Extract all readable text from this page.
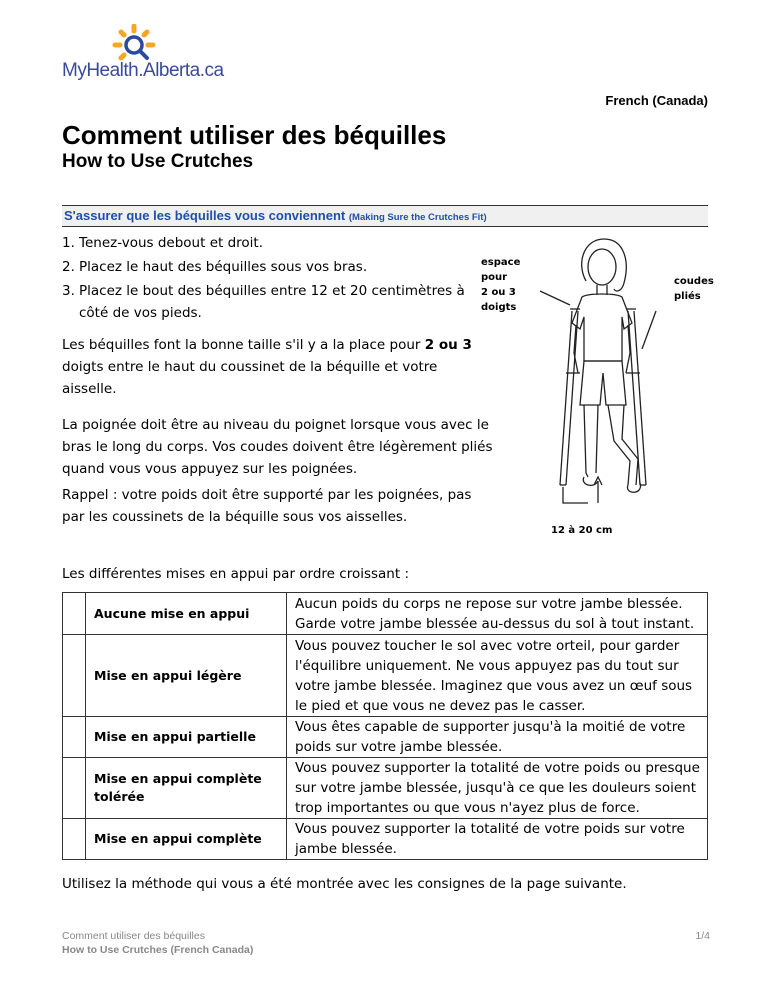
MyHealth.Alberta.ca
French (Canada)
Comment utiliser des béquilles
How to Use Crutches
S'assurer que les béquilles vous conviennent (Making Sure the Crutches Fit)
1. Tenez-vous debout et droit.
2. Placez le haut des béquilles sous vos bras.
3. Placez le bout des béquilles entre 12 et 20 centimètres à
côté de vos pieds.
Les béquilles font la bonne taille s'il y a la place pour 2 ou 3
doigts entre le haut du coussinet de la béquille et votre
aisselle.
La poignée doit être au niveau du poignet lorsque vous avec le
bras le long du corps. Vos coudes doivent être légèrement pliés
quand vous vous appuyez sur les poignées.
Rappel : votre poids doit être supporté par les poignées, pas
par les coussinets de la béquille sous vos aisselles.
espace
pour
2 ou 3
doigts
coudes
pliés
12 à 20 cm
Les différentes mises en appui par ordre croissant :
	Aucune mise en appui	Aucun poids du corps ne repose sur votre jambe blessée. Garde votre jambe blessée au-dessus du sol à tout instant.
	Mise en appui légère	Vous pouvez toucher le sol avec votre orteil, pour garder l'équilibre uniquement. Ne vous appuyez pas du tout sur votre jambe blessée. Imaginez que vous avez un œuf sous le pied et que vous ne devez pas le casser.
	Mise en appui partielle	Vous êtes capable de supporter jusqu'à la moitié de votre poids sur votre jambe blessée.
	Mise en appui complète tolérée	Vous pouvez supporter la totalité de votre poids ou presque sur votre jambe blessée, jusqu'à ce que les douleurs soient trop importantes ou que vous n'ayez plus de force.
	Mise en appui complète	Vous pouvez supporter la totalité de votre poids sur votre jambe blessée.
Utilisez la méthode qui vous a été montrée avec les consignes de la page suivante.
Comment utiliser des béquilles
How to Use Crutches (French Canada)
1/4
